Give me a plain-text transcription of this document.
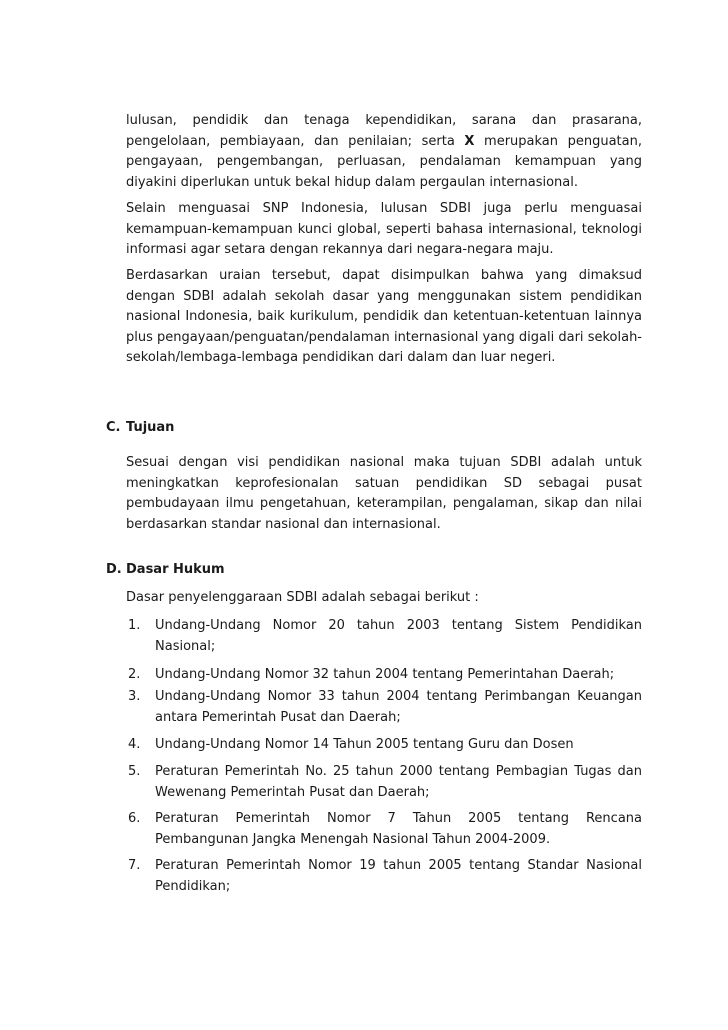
lulusan, pendidik dan tenaga kependidikan, sarana dan prasarana, pengelolaan, pembiayaan, dan penilaian; serta X merupakan penguatan, pengayaan, pengembangan, perluasan, pendalaman kemampuan yang diyakini diperlukan untuk bekal hidup dalam pergaulan internasional.

Selain menguasai SNP Indonesia, lulusan SDBI juga perlu menguasai kemampuan-kemampuan kunci global, seperti bahasa internasional, teknologi informasi agar setara dengan rekannya dari negara-negara maju.

Berdasarkan uraian tersebut, dapat disimpulkan bahwa yang dimaksud dengan SDBI adalah sekolah dasar yang menggunakan sistem pendidikan nasional Indonesia, baik kurikulum, pendidik dan ketentuan-ketentuan lainnya plus pengayaan/penguatan/pendalaman internasional yang digali dari sekolah-sekolah/lembaga-lembaga pendidikan dari dalam dan luar negeri.

C. Tujuan

Sesuai dengan visi pendidikan nasional maka tujuan SDBI adalah untuk meningkatkan keprofesionalan satuan pendidikan SD sebagai pusat pembudayaan ilmu pengetahuan, keterampilan, pengalaman, sikap dan nilai berdasarkan standar nasional dan internasional.

D. Dasar Hukum

Dasar penyelenggaraan SDBI adalah sebagai berikut :

1. Undang-Undang Nomor 20 tahun 2003 tentang Sistem Pendidikan Nasional;
2. Undang-Undang Nomor 32 tahun 2004 tentang Pemerintahan Daerah;
3. Undang-Undang Nomor 33 tahun 2004 tentang Perimbangan Keuangan antara Pemerintah Pusat dan Daerah;
4. Undang-Undang Nomor 14 Tahun 2005 tentang Guru dan Dosen
5. Peraturan Pemerintah No. 25 tahun 2000 tentang Pembagian Tugas dan Wewenang Pemerintah Pusat dan Daerah;
6. Peraturan Pemerintah Nomor 7 Tahun 2005 tentang Rencana Pembangunan Jangka Menengah Nasional Tahun 2004-2009.
7. Peraturan Pemerintah Nomor 19 tahun 2005 tentang Standar Nasional Pendidikan;
